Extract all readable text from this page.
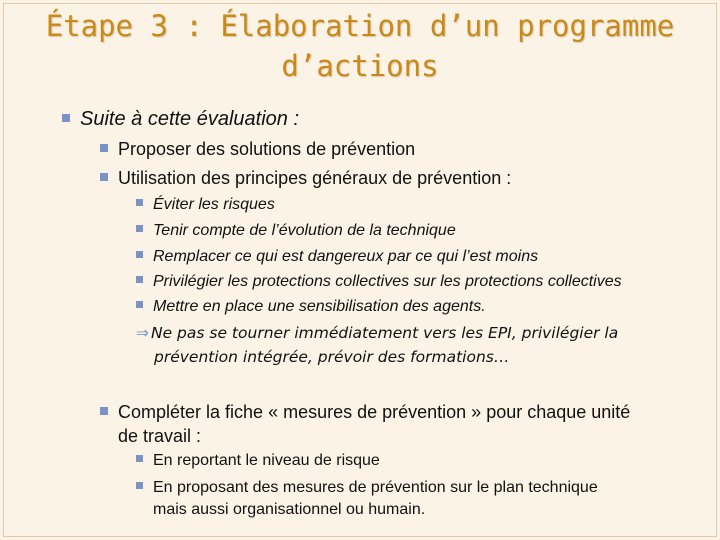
Étape 3 : Élaboration d’un programme
d’actions
Suite à cette évaluation :
Proposer des solutions de prévention
Utilisation des principes généraux de prévention :
Éviter les risques
Tenir compte de l’évolution de la technique
Remplacer ce qui est dangereux par ce qui l’est moins
Privilégier les protections collectives sur les protections collectives
Mettre en place une sensibilisation des agents.
⇒ Ne pas se tourner immédiatement vers les EPI, privilégier la
prévention intégrée, prévoir des formations…
Compléter la fiche « mesures de prévention » pour chaque unité
de travail :
En reportant le niveau de risque
En proposant des mesures de prévention sur le plan technique
mais aussi organisationnel ou humain.
